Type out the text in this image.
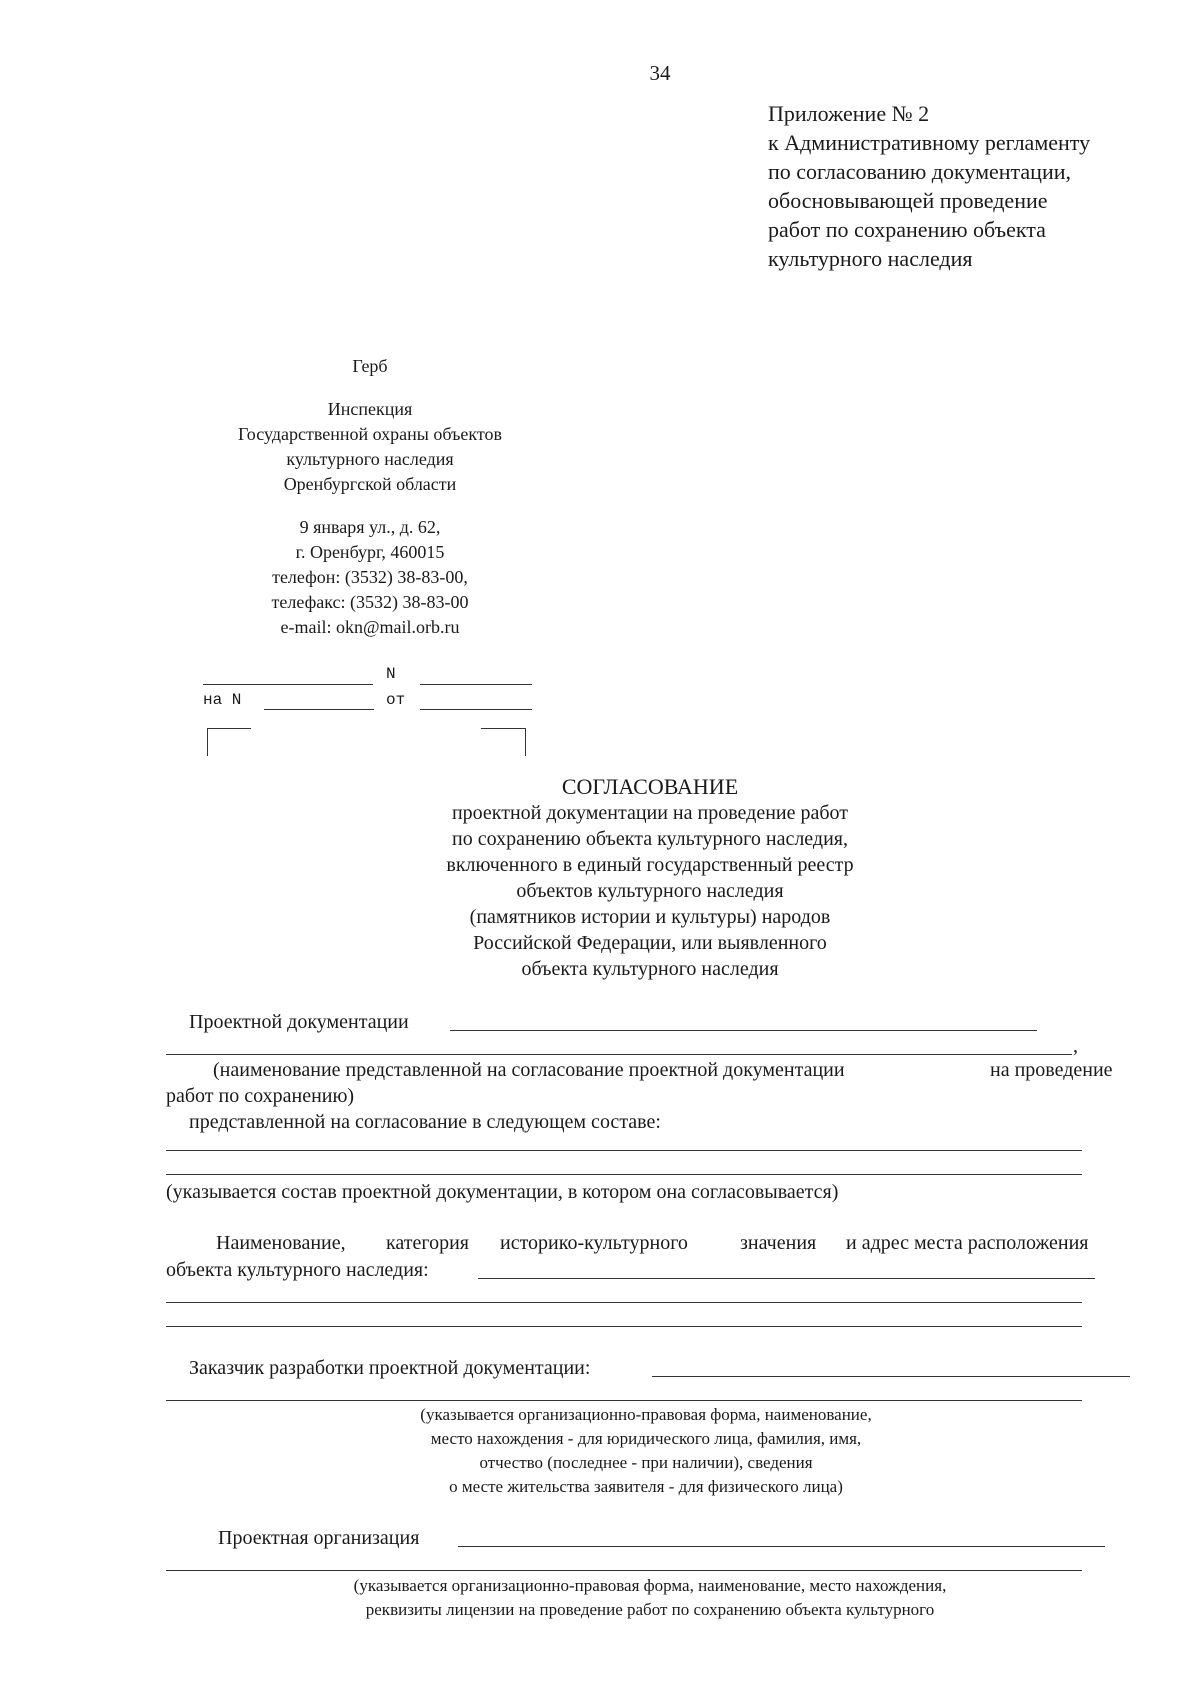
34
Приложение № 2
к Административному регламенту
по согласованию документации,
обосновывающей проведение
работ по сохранению объекта
культурного наследия
Герб
Инспекция
Государственной охраны объектов
культурного наследия
Оренбургской области
9 января ул., д. 62,
г. Оренбург, 460015
телефон: (3532) 38-83-00,
телефакс: (3532) 38-83-00
e-mail: okn@mail.orb.ru
N
на N	от
СОГЛАСОВАНИЕ
проектной документации на проведение работ
по сохранению объекта культурного наследия,
включенного в единый государственный реестр
объектов культурного наследия
(памятников истории и культуры) народов
Российской Федерации, или выявленного
объекта культурного наследия
Проектной документации
,
(наименование представленной на согласование проектной документации	на проведение
работ по сохранению)
представленной на согласование в следующем составе:
(указывается состав проектной документации, в котором она согласовывается)
Наименование, категория историко-культурного	значения и адрес места расположения
объекта культурного наследия:
Заказчик разработки проектной документации:
(указывается организационно-правовая форма, наименование,
место нахождения - для юридического лица, фамилия, имя,
отчество (последнее - при наличии), сведения
о месте жительства заявителя - для физического лица)
Проектная организация
(указывается организационно-правовая форма, наименование, место нахождения,
реквизиты лицензии на проведение работ по сохранению объекта культурного
